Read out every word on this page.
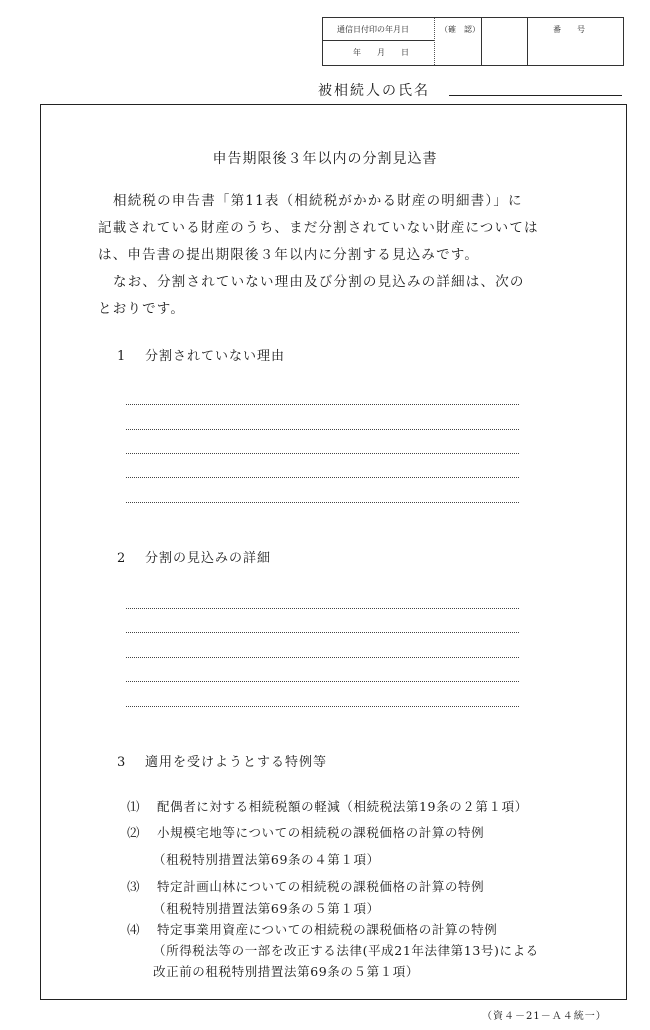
通信日付印の年月日	（確　認）	番　　号
年　　月　　日
被相続人の氏名
申告期限後３年以内の分割見込書
相続税の申告書「第11表（相続税がかかる財産の明細書）」に
記載されている財産のうち、まだ分割されていない財産については
は、申告書の提出期限後３年以内に分割する見込みです。
なお、分割されていない理由及び分割の見込みの詳細は、次の
とおりです。
1 分割されていない理由
2 分割の見込みの詳細
3 適用を受けようとする特例等
⑴ 配偶者に対する相続税額の軽減（相続税法第19条の２第１項）
⑵ 小規模宅地等についての相続税の課税価格の計算の特例
（租税特別措置法第69条の４第１項）
⑶ 特定計画山林についての相続税の課税価格の計算の特例
（租税特別措置法第69条の５第１項）
⑷ 特定事業用資産についての相続税の課税価格の計算の特例
（所得税法等の一部を改正する法律(平成21年法律第13号)による
改正前の租税特別措置法第69条の５第１項）
（資４－21－Ａ４統一）
